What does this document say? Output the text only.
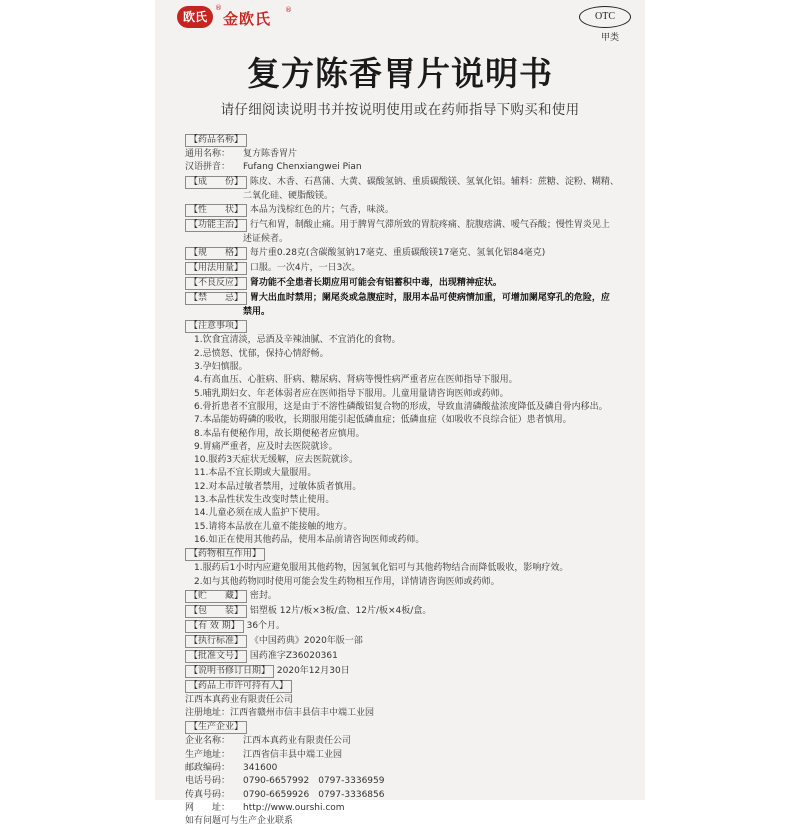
欧氏
®
金欧氏 ®
OTC
甲类
复方陈香胃片说明书
请仔细阅读说明书并按说明使用或在药师指导下购买和使用
【药品名称】
通用名称： 复方陈香胃片
汉语拼音： Fufang Chenxiangwei Pian
【成　　份】 陈皮、木香、石菖蒲、大黄、碳酸氢钠、重质碳酸镁、氢氧化铝。辅料：蔗糖、淀粉、糊精、
二氧化硅、硬脂酸镁。
【性　　状】 本品为浅棕红色的片；气香，味淡。
【功能主治】 行气和胃，制酸止痛。用于脾胃气滞所致的胃脘疼痛、脘腹痞满、嗳气吞酸；慢性胃炎见上
述证候者。
【规　　格】 每片重0.28克(含碳酸氢钠17毫克、重质碳酸镁17毫克、氢氧化铝84毫克)
【用法用量】 口服。一次4片，一日3次。
【不良反应】 肾功能不全患者长期应用可能会有铝蓄积中毒，出现精神症状。
【禁　　忌】 胃大出血时禁用；阑尾炎或急腹症时，服用本品可使病情加重，可增加阑尾穿孔的危险，应
禁用。
【注意事项】
1.饮食宜清淡，忌酒及辛辣油腻、不宜消化的食物。
2.忌愤怒、忧郁，保持心情舒畅。
3.孕妇慎服。
4.有高血压、心脏病、肝病、糖尿病、肾病等慢性病严重者应在医师指导下服用。
5.哺乳期妇女、年老体弱者应在医师指导下服用。儿童用量请咨询医师或药师。
6.骨折患者不宜服用，这是由于不溶性磷酸铝复合物的形成，导致血清磷酸盐浓度降低及磷自骨内移出。
7.本品能妨碍磷的吸收，长期服用能引起低磷血症；低磷血症（如吸收不良综合征）患者慎用。
8.本品有便秘作用，故长期便秘者应慎用。
9.胃痛严重者，应及时去医院就诊。
10.服药3天症状无缓解，应去医院就诊。
11.本品不宜长期或大量服用。
12.对本品过敏者禁用，过敏体质者慎用。
13.本品性状发生改变时禁止使用。
14.儿童必须在成人监护下使用。
15.请将本品放在儿童不能接触的地方。
16.如正在使用其他药品，使用本品前请咨询医师或药师。
【药物相互作用】
1.服药后1小时内应避免服用其他药物，因氢氧化铝可与其他药物结合而降低吸收，影响疗效。
2.如与其他药物同时使用可能会发生药物相互作用，详情请咨询医师或药师。
【贮　　藏】 密封。
【包　　装】 铝塑板 12片/板×3板/盒、12片/板×4板/盒。
【有 效 期】 36个月。
【执行标准】 《中国药典》2020年版一部
【批准文号】 国药准字Z36020361
【说明书修订日期】 2020年12月30日
【药品上市许可持有人】
江西本真药业有限责任公司
注册地址：江西省赣州市信丰县信丰中端工业园
【生产企业】
企业名称： 江西本真药业有限责任公司
生产地址： 江西省信丰县中端工业园
邮政编码： 341600
电话号码： 0790-6657992　0797-3336959
传真号码： 0790-6659926　0797-3336856
网　　址： http://www.ourshi.com
如有问题可与生产企业联系
